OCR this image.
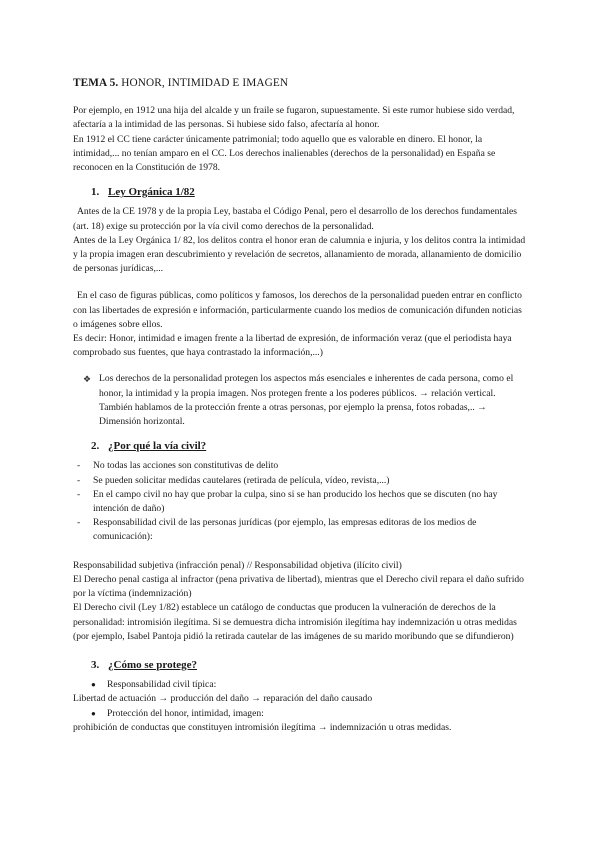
TEMA 5. HONOR, INTIMIDAD E IMAGEN

Por ejemplo, en 1912 una hija del alcalde y un fraile se fugaron, supuestamente. Si este rumor hubiese sido verdad, afectaría a la intimidad de las personas. Si hubiese sido falso, afectaría al honor.

En 1912 el CC tiene carácter únicamente patrimonial; todo aquello que es valorable en dinero. El honor, la intimidad,... no tenían amparo en el CC. Los derechos inalienables (derechos de la personalidad) en España se reconocen en la Constitución de 1978.

1. Ley Orgánica 1/82

Antes de la CE 1978 y de la propia Ley, bastaba el Código Penal, pero el desarrollo de los derechos fundamentales (art. 18) exige su protección por la vía civil como derechos de la personalidad.

Antes de la Ley Orgánica 1/ 82, los delitos contra el honor eran de calumnia e injuria, y los delitos contra la intimidad y la propia imagen eran descubrimiento y revelación de secretos, allanamiento de morada, allanamiento de domicilio de personas jurídicas,...

En el caso de figuras públicas, como políticos y famosos, los derechos de la personalidad pueden entrar en conflicto con las libertades de expresión e información, particularmente cuando los medios de comunicación difunden noticias o imágenes sobre ellos.

Es decir: Honor, intimidad e imagen frente a la libertad de expresión, de información veraz (que el periodista haya comprobado sus fuentes, que haya contrastado la información,...)

❖ Los derechos de la personalidad protegen los aspectos más esenciales e inherentes de cada persona, como el honor, la intimidad y la propia imagen. Nos protegen frente a los poderes públicos. → relación vertical. También hablamos de la protección frente a otras personas, por ejemplo la prensa, fotos robadas,.. → Dimensión horizontal.
2. ¿Por qué la vía civil?
-	No todas las acciones son constitutivas de delito
-	Se pueden solicitar medidas cautelares (retirada de película, vídeo, revista,...)
-	En el campo civil no hay que probar la culpa, sino si se han producido los hechos que se discuten (no hay intención de daño)
-	Responsabilidad civil de las personas jurídicas (por ejemplo, las empresas editoras de los medios de comunicación):

Responsabilidad subjetiva (infracción penal) // Responsabilidad objetiva (ilícito civil)

El Derecho penal castiga al infractor (pena privativa de libertad), mientras que el Derecho civil repara el daño sufrido por la víctima (indemnización)

El Derecho civil (Ley 1/82) establece un catálogo de conductas que producen la vulneración de derechos de la personalidad: intromisión ilegítima. Si se demuestra dicha intromisión ilegítima hay indemnización u otras medidas (por ejemplo, Isabel Pantoja pidió la retirada cautelar de las imágenes de su marido moribundo que se difundieron)

3. ¿Cómo se protege?
●	Responsabilidad civil típica:

Libertad de actuación → producción del daño → reparación del daño causado

●	Protección del honor, intimidad, imagen:

prohibición de conductas que constituyen intromisión ilegítima → indemnización u otras medidas.
